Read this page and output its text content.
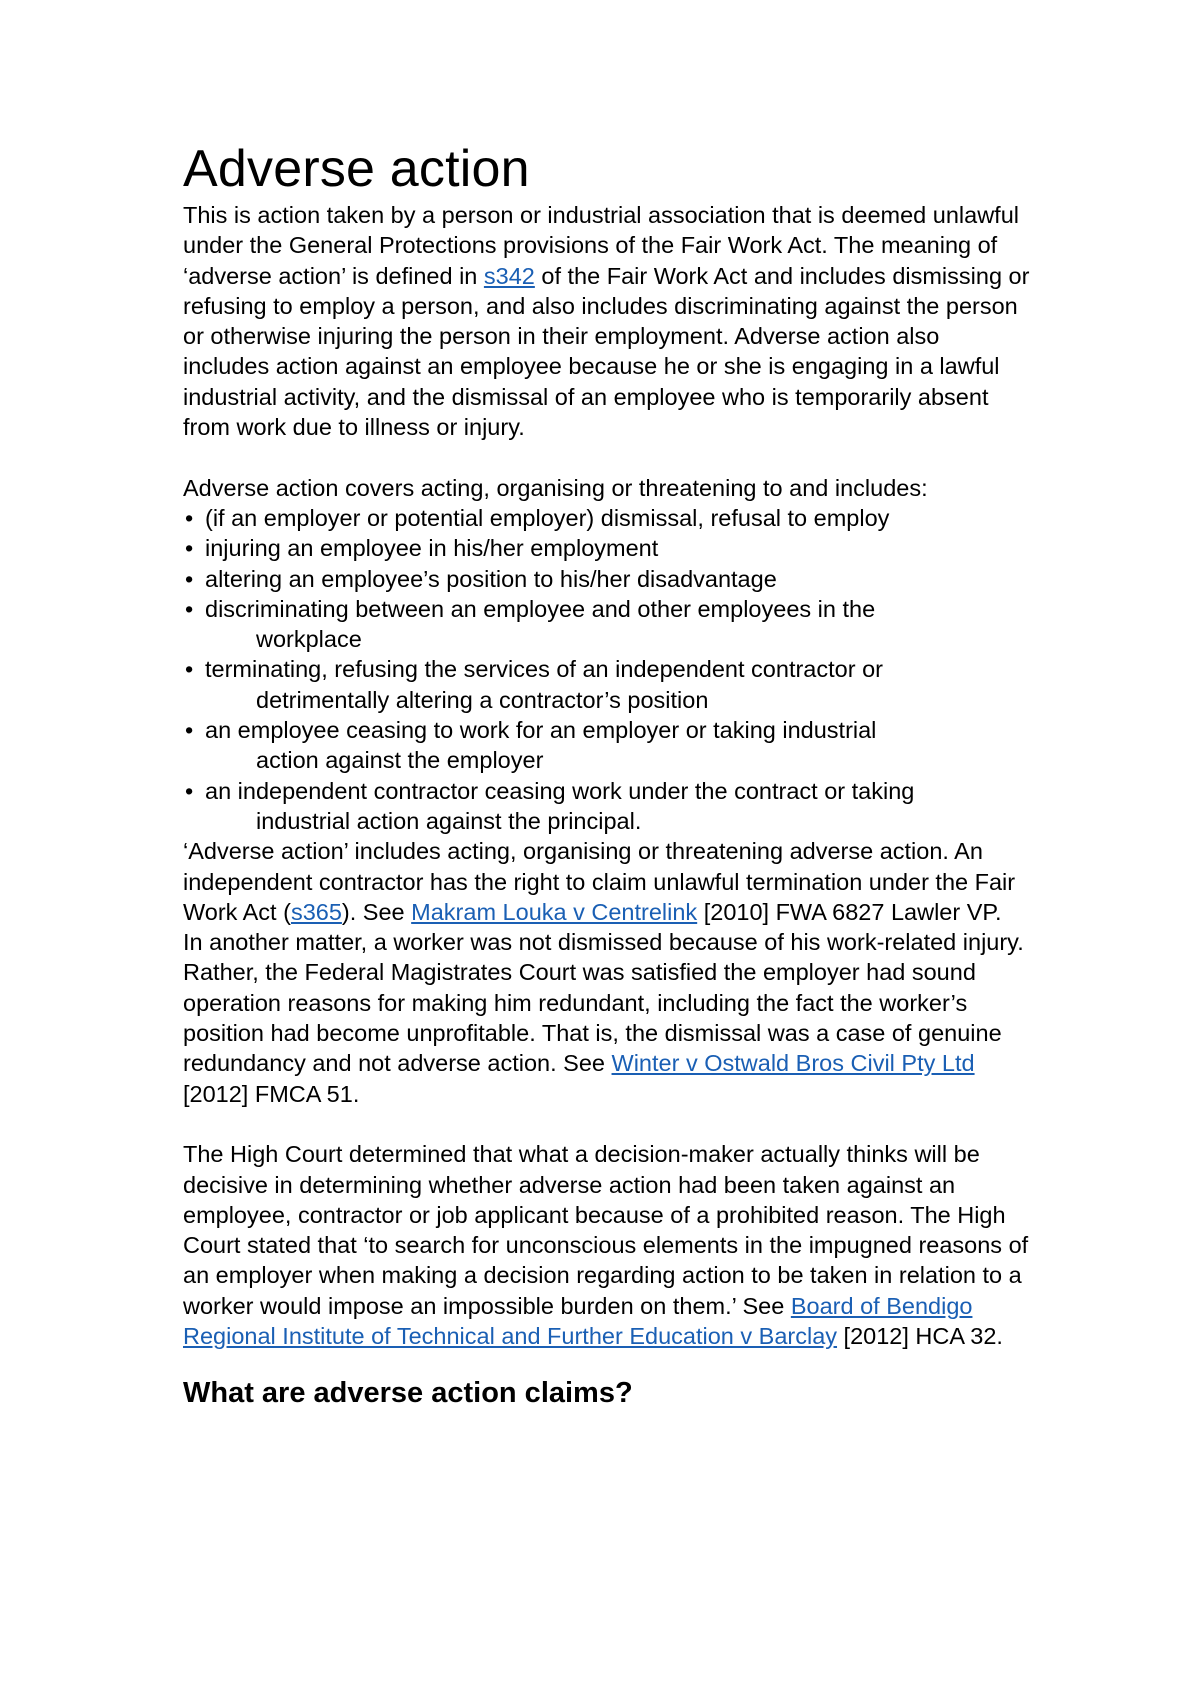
Adverse action

This is action taken by a person or industrial association that is deemed unlawful under the General Protections provisions of the Fair Work Act. The meaning of ‘adverse action’ is defined in s342 of the Fair Work Act and includes dismissing or refusing to employ a person, and also includes discriminating against the person or otherwise injuring the person in their employment. Adverse action also includes action against an employee because he or she is engaging in a lawful industrial activity, and the dismissal of an employee who is temporarily absent from work due to illness or injury.

Adverse action covers acting, organising or threatening to and includes:

• (if an employer or potential employer) dismissal, refusal to employ
• injuring an employee in his/her employment
• altering an employee’s position to his/her disadvantage
• discriminating between an employee and other employees in the
workplace
• terminating, refusing the services of an independent contractor or
detrimentally altering a contractor’s position
• an employee ceasing to work for an employer or taking industrial
action against the employer
• an independent contractor ceasing work under the contract or taking
industrial action against the principal.

‘Adverse action’ includes acting, organising or threatening adverse action. An independent contractor has the right to claim unlawful termination under the Fair Work Act (s365). See Makram Louka v Centrelink [2010] FWA 6827 Lawler VP.

In another matter, a worker was not dismissed because of his work-related injury. Rather, the Federal Magistrates Court was satisfied the employer had sound operation reasons for making him redundant, including the fact the worker’s position had become unprofitable. That is, the dismissal was a case of genuine redundancy and not adverse action. See Winter v Ostwald Bros Civil Pty Ltd [2012] FMCA 51.

The High Court determined that what a decision-maker actually thinks will be decisive in determining whether adverse action had been taken against an employee, contractor or job applicant because of a prohibited reason. The High Court stated that ‘to search for unconscious elements in the impugned reasons of an employer when making a decision regarding action to be taken in relation to a worker would impose an impossible burden on them.’ See Board of Bendigo Regional Institute of Technical and Further Education v Barclay [2012] HCA 32.

What are adverse action claims?
